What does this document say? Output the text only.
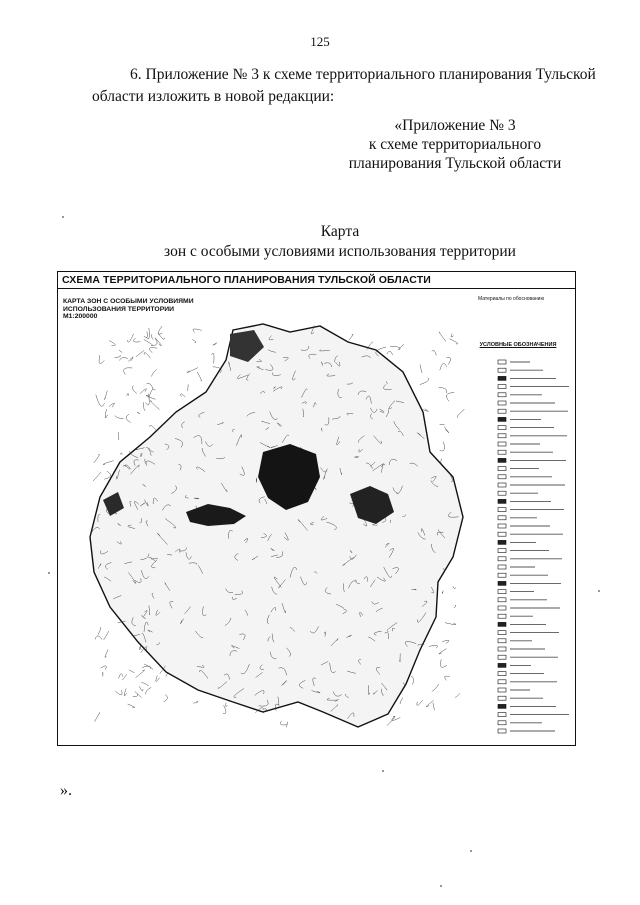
125
6. Приложение № 3 к схеме территориального планирования Тульской области изложить в новой редакции:
«Приложение № 3
к схеме территориального
планирования Тульской области
Карта
зон с особыми условиями использования территории
СХЕМА ТЕРРИТОРИАЛЬНОГО ПЛАНИРОВАНИЯ ТУЛЬСКОЙ ОБЛАСТИ
КАРТА ЗОН С ОСОБЫМИ УСЛОВИЯМИ
ИСПОЛЬЗОВАНИЯ ТЕРРИТОРИИ
М1:200000
Материалы по обоснованию
УСЛОВНЫЕ ОБОЗНАЧЕНИЯ
».
